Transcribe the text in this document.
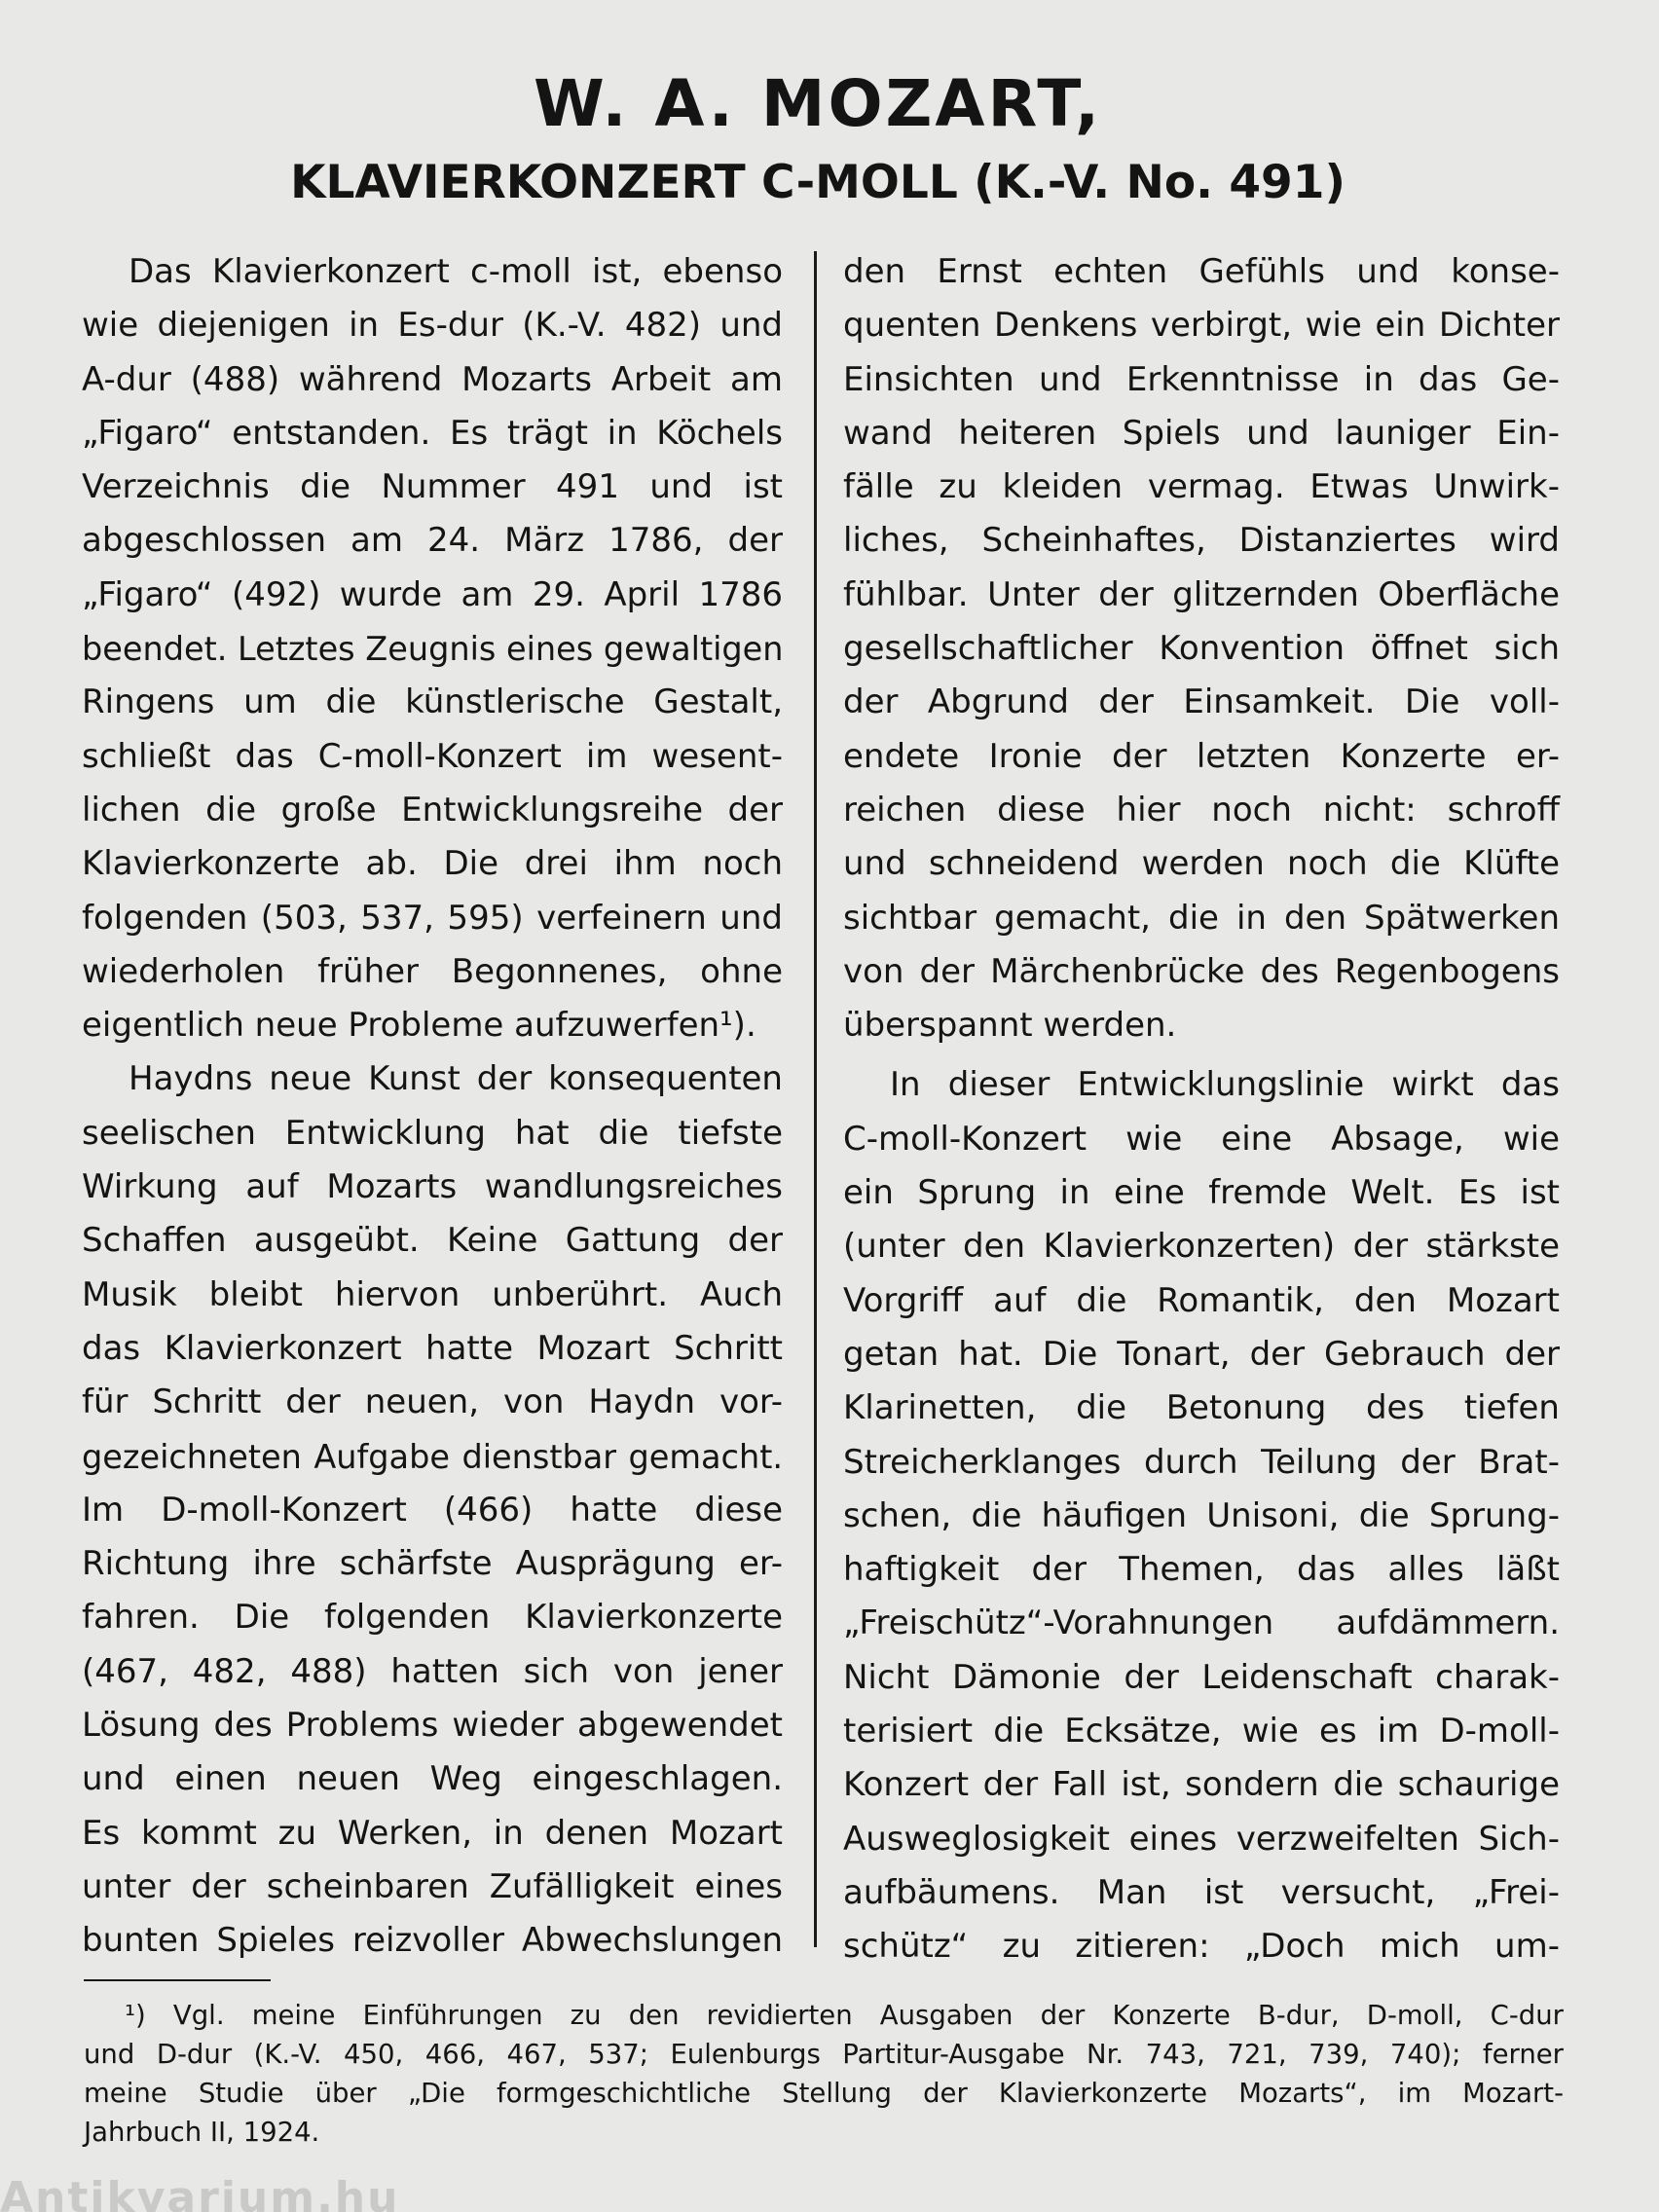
W. A. MOZART,
KLAVIERKONZERT C-MOLL (K.-V. No. 491)

Das Klavierkonzert c-moll ist, ebenso
wie diejenigen in Es-dur (K.-V. 482) und
A-dur (488) während Mozarts Arbeit am
„Figaro“ entstanden. Es trägt in Köchels
Verzeichnis die Nummer 491 und ist
abgeschlossen am 24. März 1786, der
„Figaro“ (492) wurde am 29. April 1786
beendet. Letztes Zeugnis eines gewaltigen
Ringens um die künstlerische Gestalt,
schließt das C-moll-Konzert im wesent-
lichen die große Entwicklungsreihe der
Klavierkonzerte ab. Die drei ihm noch
folgenden (503, 537, 595) verfeinern und
wiederholen früher Begonnenes, ohne
eigentlich neue Probleme aufzuwerfen¹).

Haydns neue Kunst der konsequenten
seelischen Entwicklung hat die tiefste
Wirkung auf Mozarts wandlungsreiches
Schaffen ausgeübt. Keine Gattung der
Musik bleibt hiervon unberührt. Auch
das Klavierkonzert hatte Mozart Schritt
für Schritt der neuen, von Haydn vor-
gezeichneten Aufgabe dienstbar gemacht.
Im D-moll-Konzert (466) hatte diese
Richtung ihre schärfste Ausprägung er-
fahren. Die folgenden Klavierkonzerte
(467, 482, 488) hatten sich von jener
Lösung des Problems wieder abgewendet
und einen neuen Weg eingeschlagen.
Es kommt zu Werken, in denen Mozart
unter der scheinbaren Zufälligkeit eines
bunten Spieles reizvoller Abwechslungen

den Ernst echten Gefühls und konse-
quenten Denkens verbirgt, wie ein Dichter
Einsichten und Erkenntnisse in das Ge-
wand heiteren Spiels und launiger Ein-
fälle zu kleiden vermag. Etwas Unwirk-
liches, Scheinhaftes, Distanziertes wird
fühlbar. Unter der glitzernden Oberfläche
gesellschaftlicher Konvention öffnet sich
der Abgrund der Einsamkeit. Die voll-
endete Ironie der letzten Konzerte er-
reichen diese hier noch nicht: schroff
und schneidend werden noch die Klüfte
sichtbar gemacht, die in den Spätwerken
von der Märchenbrücke des Regenbogens
überspannt werden.

In dieser Entwicklungslinie wirkt das
C-moll-Konzert wie eine Absage, wie
ein Sprung in eine fremde Welt. Es ist
(unter den Klavierkonzerten) der stärkste
Vorgriff auf die Romantik, den Mozart
getan hat. Die Tonart, der Gebrauch der
Klarinetten, die Betonung des tiefen
Streicherklanges durch Teilung der Brat-
schen, die häufigen Unisoni, die Sprung-
haftigkeit der Themen, das alles läßt
„Freischütz“-Vorahnungen aufdämmern.
Nicht Dämonie der Leidenschaft charak-
terisiert die Ecksätze, wie es im D-moll-
Konzert der Fall ist, sondern die schaurige
Ausweglosigkeit eines verzweifelten Sich-
aufbäumens. Man ist versucht, „Frei-
schütz“ zu zitieren: „Doch mich um-

¹) Vgl. meine Einführungen zu den revidierten Ausgaben der Konzerte B-dur, D-moll, C-dur
und D-dur (K.-V. 450, 466, 467, 537; Eulenburgs Partitur-Ausgabe Nr. 743, 721, 739, 740); ferner
meine Studie über „Die formgeschichtliche Stellung der Klavierkonzerte Mozarts“, im Mozart-
Jahrbuch II, 1924.
Antikvarium.hu
